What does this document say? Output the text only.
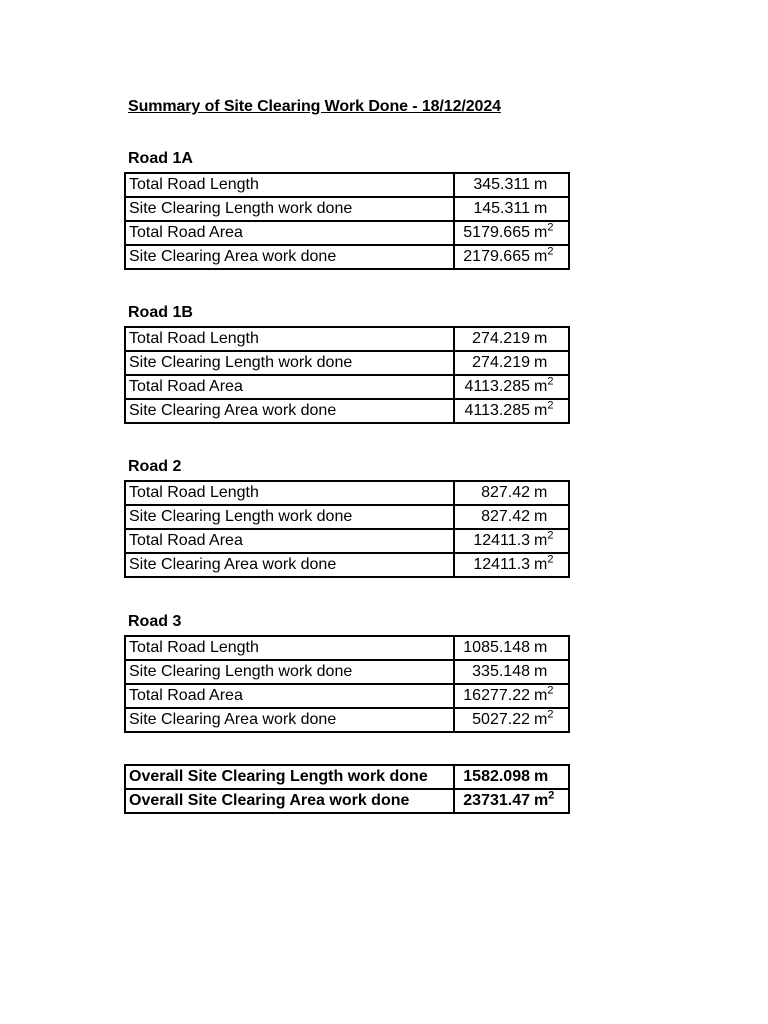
Summary of Site Clearing Work Done - 18/12/2024
Road 1A
Total Road Length	345.311 m
Site Clearing Length work done	145.311 m
Total Road Area	5179.665 $m^2$
Site Clearing Area work done	2179.665 $m^2$
Road 1B
Total Road Length	274.219 m
Site Clearing Length work done	274.219 m
Total Road Area	4113.285 $m^2$
Site Clearing Area work done	4113.285 $m^2$
Road 2
Total Road Length	827.42 m
Site Clearing Length work done	827.42 m
Total Road Area	12411.3 $m^2$
Site Clearing Area work done	12411.3 $m^2$
Road 3
Total Road Length	1085.148 m
Site Clearing Length work done	335.148 m
Total Road Area	16277.22 $m^2$
Site Clearing Area work done	5027.22 $m^2$
Overall Site Clearing Length work done	1582.098 m
Overall Site Clearing Area work done	23731.47 $m^2$
